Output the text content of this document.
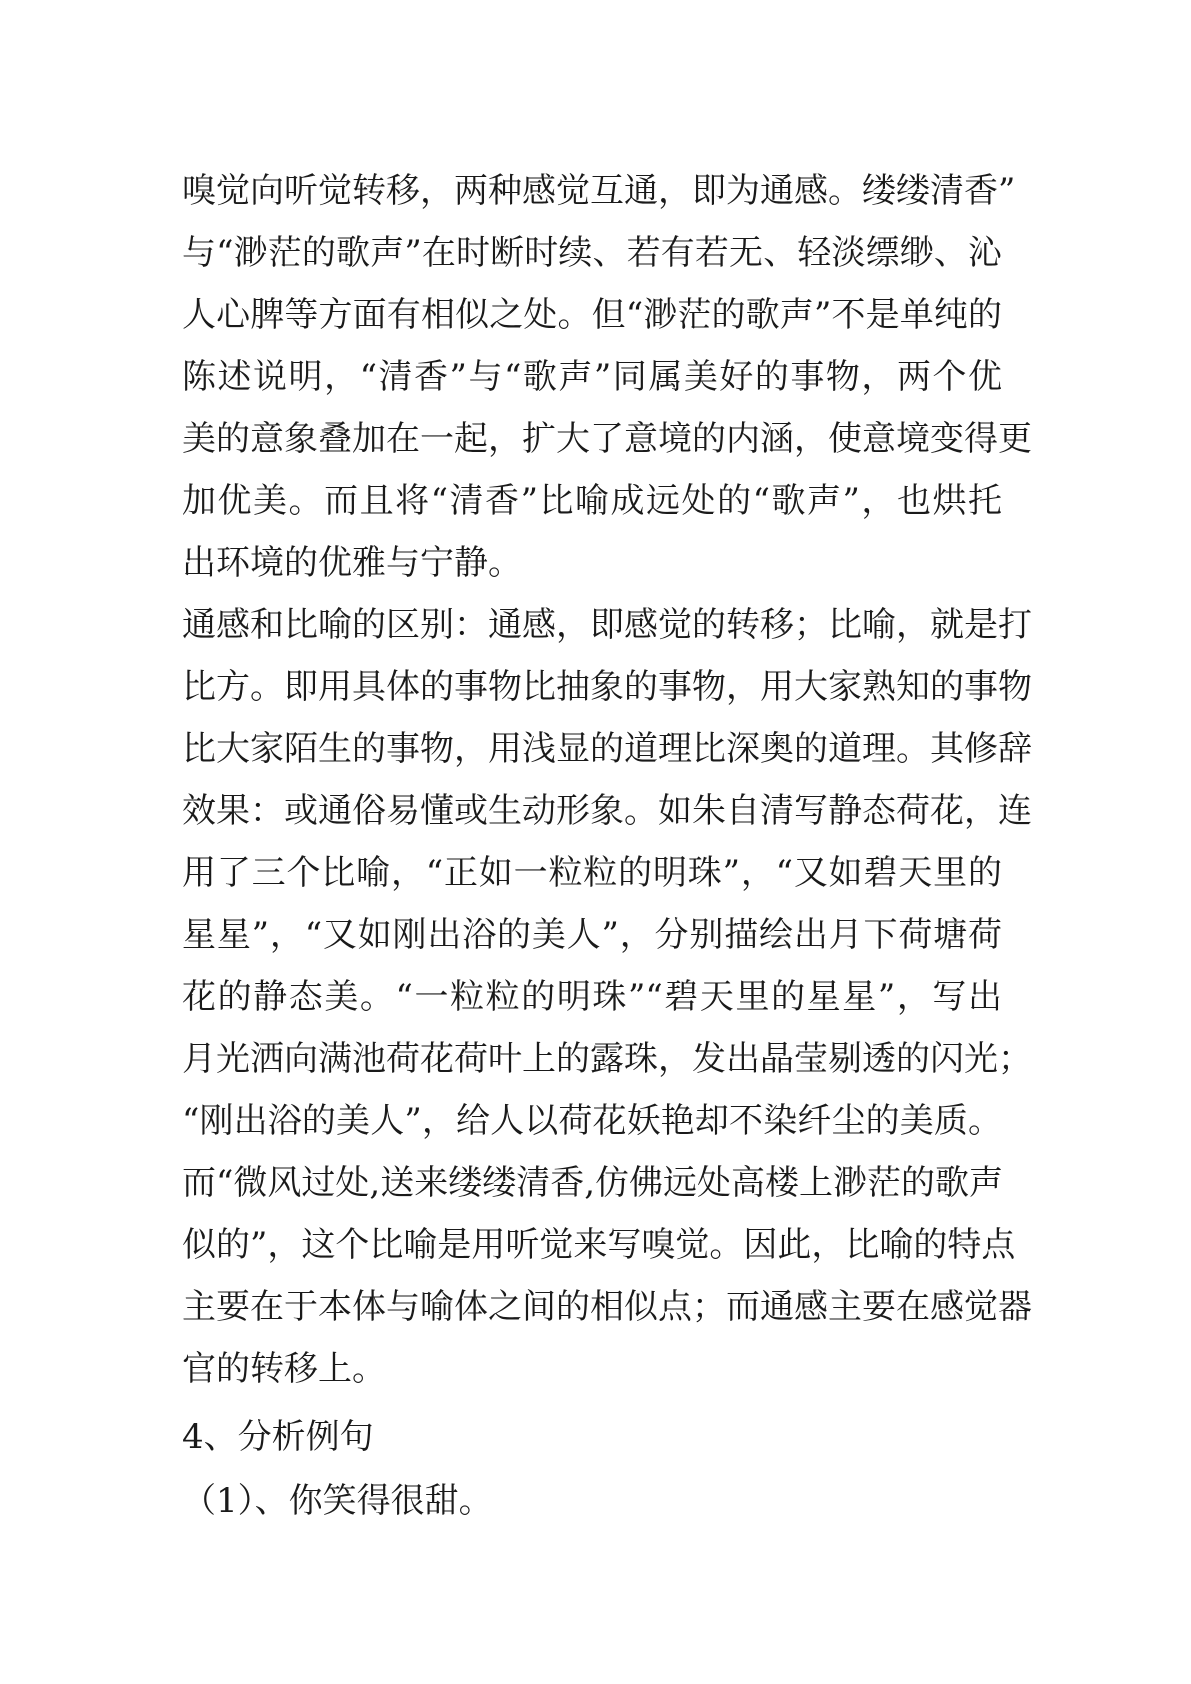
嗅觉向听觉转移，两种感觉互通，即为通感。缕缕清香”
与“渺茫的歌声”在时断时续、若有若无、轻淡缥缈、沁
人心脾等方面有相似之处。但“渺茫的歌声”不是单纯的
陈述说明，“清香”与“歌声”同属美好的事物，两个优
美的意象叠加在一起，扩大了意境的内涵，使意境变得更
加优美。而且将“清香”比喻成远处的“歌声”，也烘托
出环境的优雅与宁静。
通感和比喻的区别：通感，即感觉的转移；比喻，就是打
比方。即用具体的事物比抽象的事物，用大家熟知的事物
比大家陌生的事物，用浅显的道理比深奥的道理。其修辞
效果：或通俗易懂或生动形象。如朱自清写静态荷花，连
用了三个比喻，“正如一粒粒的明珠”，“又如碧天里的
星星”，“又如刚出浴的美人”，分别描绘出月下荷塘荷
花的静态美。“一粒粒的明珠”“碧天里的星星”，写出
月光洒向满池荷花荷叶上的露珠，发出晶莹剔透的闪光；
“刚出浴的美人”，给人以荷花妖艳却不染纤尘的美质。
而“微风过处,送来缕缕清香,仿佛远处高楼上渺茫的歌声
似的”，这个比喻是用听觉来写嗅觉。因此，比喻的特点
主要在于本体与喻体之间的相似点；而通感主要在感觉器
官的转移上。
4、分析例句
（1）、你笑得很甜。
